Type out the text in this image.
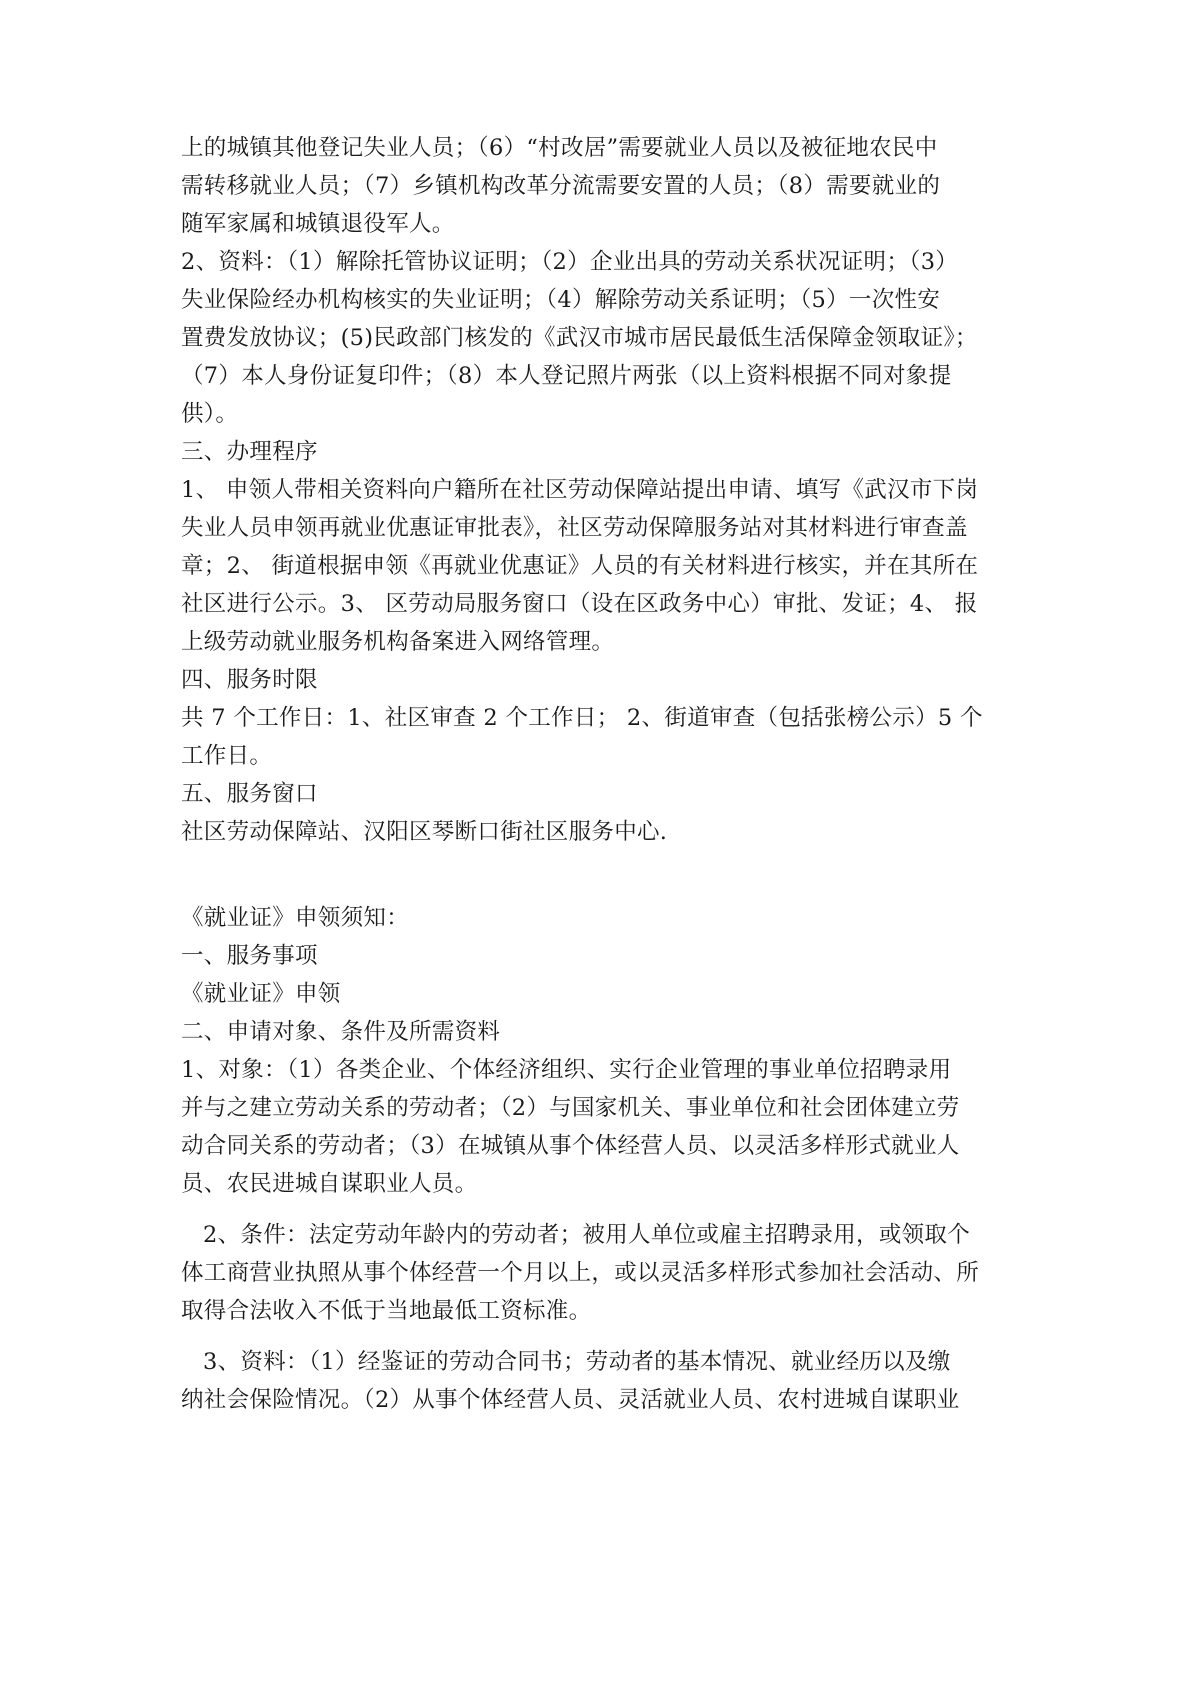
上的城镇其他登记失业人员；（6）“村改居”需要就业人员以及被征地农民中
需转移就业人员；（7）乡镇机构改革分流需要安置的人员；（8）需要就业的
随军家属和城镇退役军人。
2、资料：（1）解除托管协议证明；（2）企业出具的劳动关系状况证明；（3）
失业保险经办机构核实的失业证明；（4）解除劳动关系证明；（5）一次性安
置费发放协议；(5)民政部门核发的《武汉市城市居民最低生活保障金领取证》；
（7）本人身份证复印件；（8）本人登记照片两张（以上资料根据不同对象提
供）。
三、办理程序
1、 申领人带相关资料向户籍所在社区劳动保障站提出申请、填写《武汉市下岗
失业人员申领再就业优惠证审批表》，社区劳动保障服务站对其材料进行审查盖
章；2、 街道根据申领《再就业优惠证》人员的有关材料进行核实，并在其所在
社区进行公示。3、 区劳动局服务窗口（设在区政务中心）审批、发证；4、 报
上级劳动就业服务机构备案进入网络管理。
四、服务时限
共 7 个工作日：1、社区审查 2 个工作日； 2、街道审查（包括张榜公示）5 个
工作日。
五、服务窗口
社区劳动保障站、汉阳区琴断口街社区服务中心.
《就业证》申领须知：
一、服务事项
《就业证》申领
二、申请对象、条件及所需资料
1、对象：（1）各类企业、个体经济组织、实行企业管理的事业单位招聘录用
并与之建立劳动关系的劳动者；（2）与国家机关、事业单位和社会团体建立劳
动合同关系的劳动者；（3）在城镇从事个体经营人员、以灵活多样形式就业人
员、农民进城自谋职业人员。
2、条件：法定劳动年龄内的劳动者；被用人单位或雇主招聘录用，或领取个
体工商营业执照从事个体经营一个月以上，或以灵活多样形式参加社会活动、所
取得合法收入不低于当地最低工资标准。
3、资料：（1）经鉴证的劳动合同书；劳动者的基本情况、就业经历以及缴
纳社会保险情况。（2）从事个体经营人员、灵活就业人员、农村进城自谋职业
